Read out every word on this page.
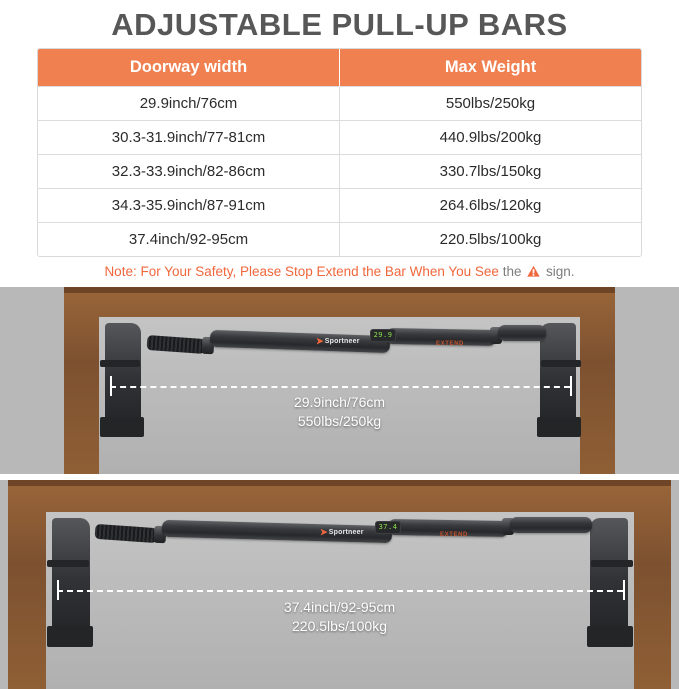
ADJUSTABLE PULL-UP BARS
Doorway width	Max Weight
29.9inch/76cm	550lbs/250kg
30.3-31.9inch/77-81cm	440.9lbs/200kg
32.3-33.9inch/82-86cm	330.7lbs/150kg
34.3-35.9inch/87-91cm	264.6lbs/120kg
37.4inch/92-95cm	220.5lbs/100kg
Note: For Your Safety, Please Stop Extend the Bar When You See the sign.
➤Sportneer
29.9
EXTEND
29.9inch/76cm
550lbs/250kg
➤Sportneer
37.4
EXTEND
37.4inch/92-95cm
220.5lbs/100kg
